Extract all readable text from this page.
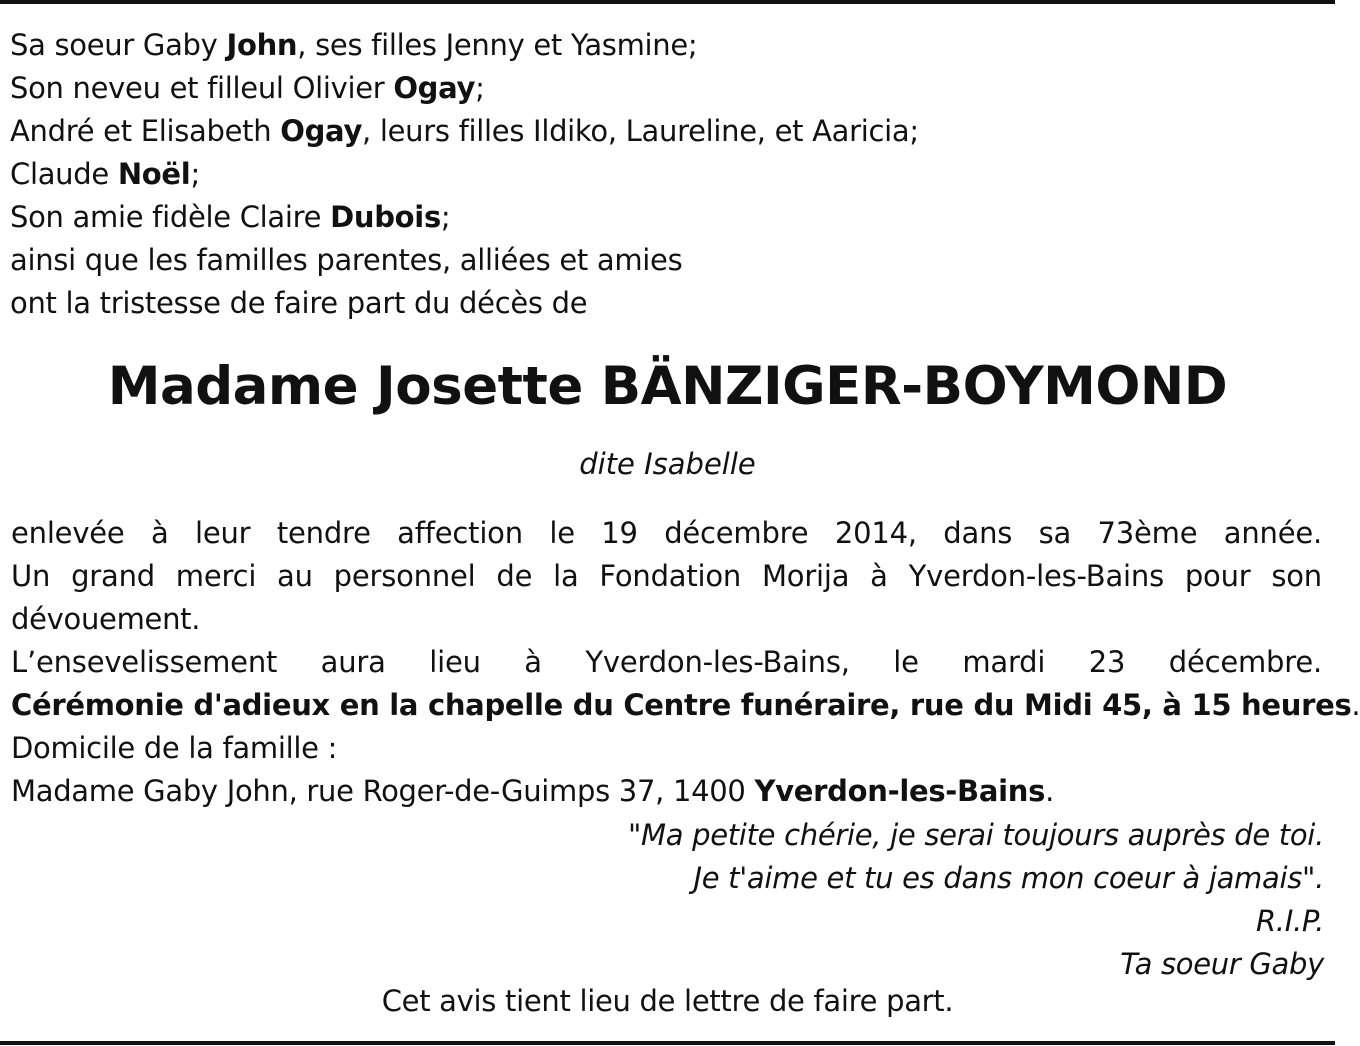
Sa soeur Gaby John, ses filles Jenny et Yasmine;
Son neveu et filleul Olivier Ogay;
André et Elisabeth Ogay, leurs filles Ildiko, Laureline, et Aaricia;
Claude Noël;
Son amie fidèle Claire Dubois;
ainsi que les familles parentes, alliées et amies
ont la tristesse de faire part du décès de
Madame Josette BÄNZIGER-BOYMOND
dite Isabelle
enlevée à leur tendre affection le 19 décembre 2014, dans sa 73ème année.
Un grand merci au personnel de la Fondation Morija à Yverdon-les-Bains pour son
dévouement.
L’ensevelissement aura lieu à Yverdon-les-Bains, le mardi 23 décembre.
Cérémonie d'adieux en la chapelle du Centre funéraire, rue du Midi 45, à 15 heures.
Domicile de la famille :
Madame Gaby John, rue Roger-de-Guimps 37, 1400 Yverdon-les-Bains.
"Ma petite chérie, je serai toujours auprès de toi.
Je t'aime et tu es dans mon coeur à jamais".
R.I.P.
Ta soeur Gaby
Cet avis tient lieu de lettre de faire part.
